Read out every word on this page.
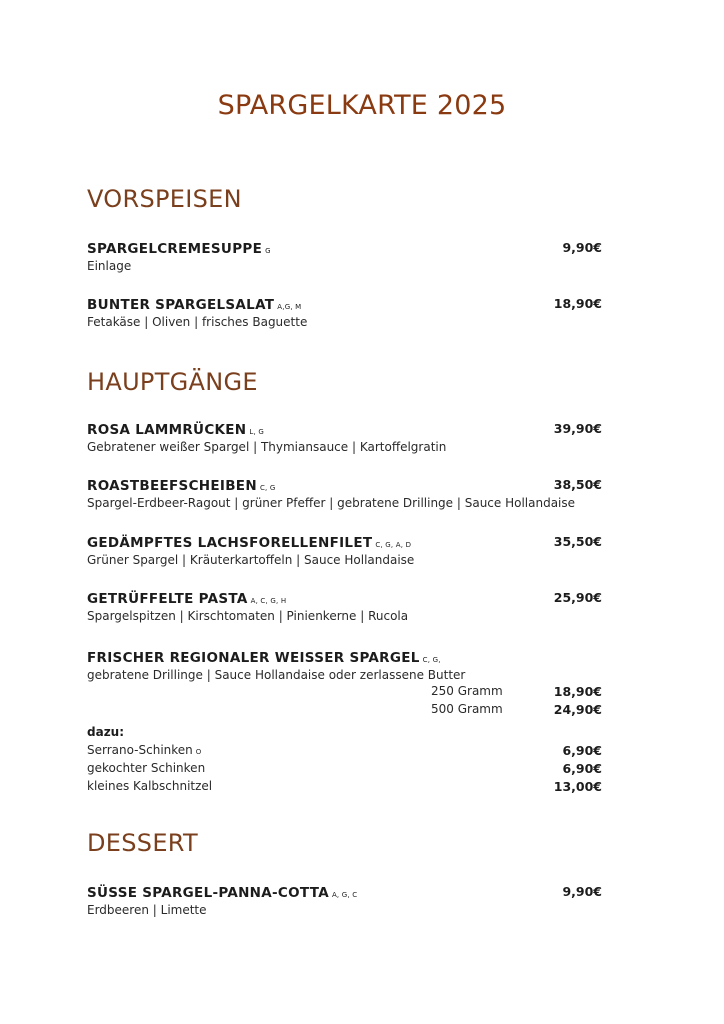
SPARGELKARTE 2025
VORSPEISEN
SPARGELCREMESUPPE G	9,90€
Einlage
BUNTER SPARGELSALAT A,G, M	18,90€
Fetakäse | Oliven | frisches Baguette
HAUPTGÄNGE
ROSA LAMMRÜCKEN L, G	39,90€
Gebratener weißer Spargel | Thymiansauce | Kartoffelgratin
ROASTBEEFSCHEIBEN C, G	38,50€
Spargel-Erdbeer-Ragout | grüner Pfeffer | gebratene Drillinge | Sauce Hollandaise
GEDÄMPFTES LACHSFORELLENFILET C, G, A, D	35,50€
Grüner Spargel | Kräuterkartoffeln | Sauce Hollandaise
GETRÜFFELTE PASTA A, C, G, H	25,90€
Spargelspitzen | Kirschtomaten | Pinienkerne | Rucola
FRISCHER REGIONALER WEISSER SPARGEL C, G,
gebratene Drillinge | Sauce Hollandaise oder zerlassene Butter
250 Gramm	18,90€
500 Gramm	24,90€
dazu:
Serrano-Schinken O	6,90€
gekochter Schinken	6,90€
kleines Kalbschnitzel	13,00€
DESSERT
SÜSSE SPARGEL-PANNA-COTTA A, G, C	9,90€
Erdbeeren | Limette
